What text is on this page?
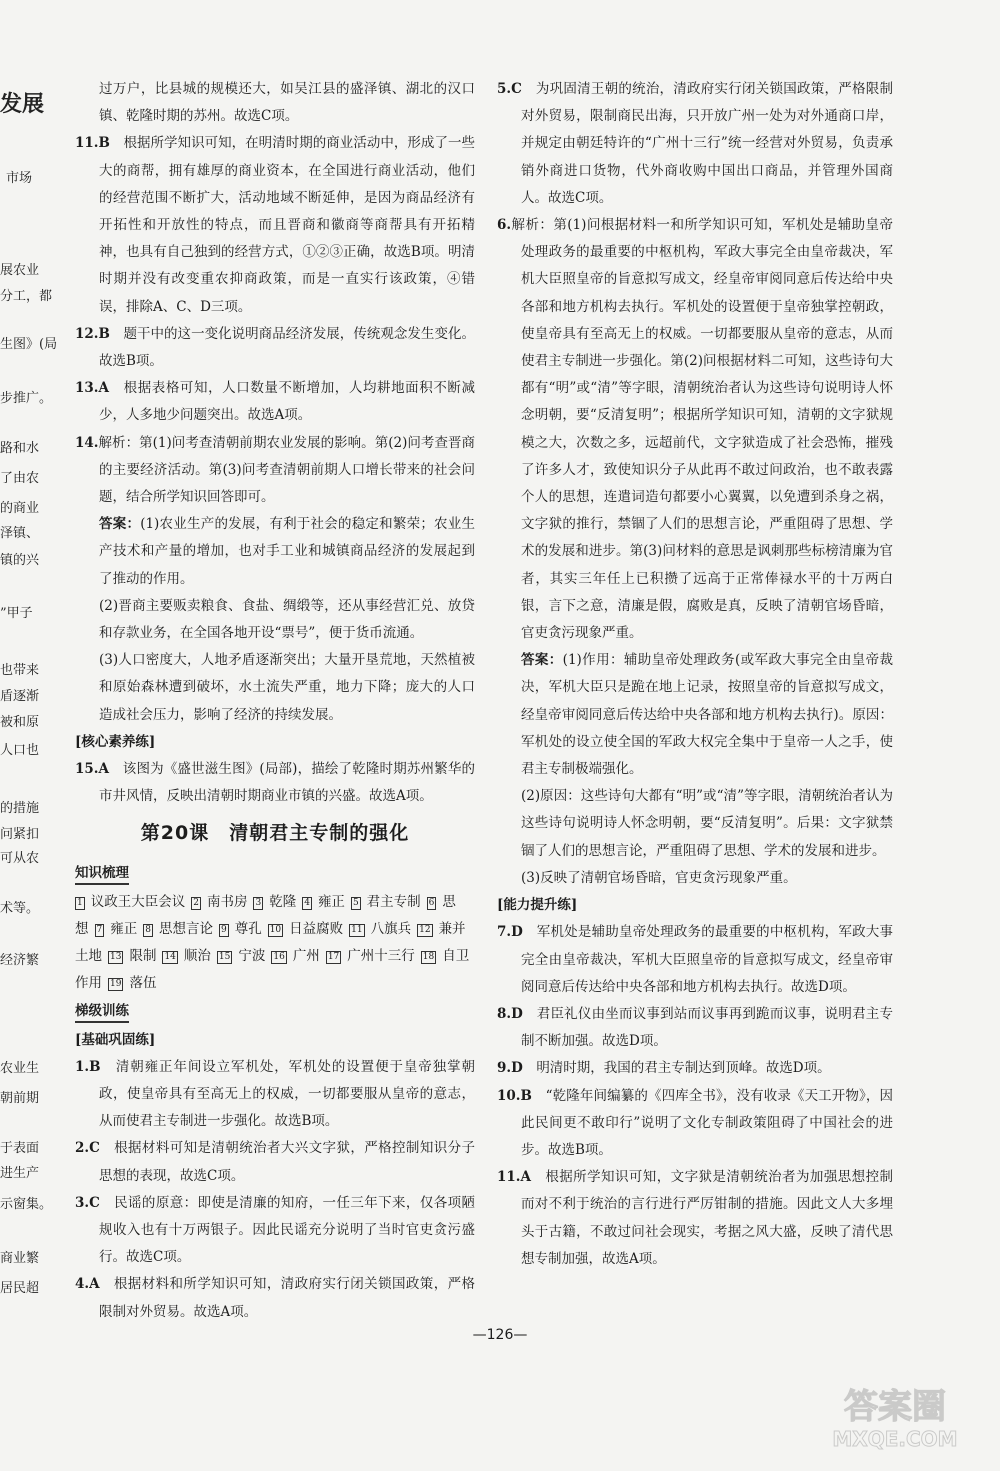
发展
市场
展农业
分工，都
生图》(局
步推广。
路和水
了由农
的商业
泽镇、
镇的兴
”甲子
也带来
盾逐渐
被和原
人口也
的措施
问紧扣
可从农
术等。
经济繁
农业生
朝前期
于表面
进生产
示窗集。
商业繁
居民超

过万户，比县城的规模还大，如吴江县的盛泽镇、湖北的汉口镇、乾隆时期的苏州。故选C项。

11.B　 根据所学知识可知，在明清时期的商业活动中，形成了一些大的商帮，拥有雄厚的商业资本，在全国进行商业活动，他们的经营范围不断扩大，活动地域不断延伸，是因为商品经济有开拓性和开放性的特点，而且晋商和徽商等商帮具有开拓精神，也具有自己独到的经营方式，①②③正确，故选B项。明清时期并没有改变重农抑商政策，而是一直实行该政策，④错误，排除A、C、D三项。

12.B　 题干中的这一变化说明商品经济发展，传统观念发生变化。故选B项。

13.A　 根据表格可知，人口数量不断增加，人均耕地面积不断减少，人多地少问题突出。故选A项。

14.解析：第(1)问考查清朝前期农业发展的影响。第(2)问考查晋商的主要经济活动。第(3)问考查清朝前期人口增长带来的社会问题，结合所学知识回答即可。

答案：(1)农业生产的发展，有利于社会的稳定和繁荣；农业生产技术和产量的增加，也对手工业和城镇商品经济的发展起到了推动的作用。

(2)晋商主要贩卖粮食、食盐、绸缎等，还从事经营汇兑、放贷和存款业务，在全国各地开设“票号”，便于货币流通。

(3)人口密度大，人地矛盾逐渐突出；大量开垦荒地，天然植被和原始森林遭到破坏，水土流失严重，地力下降；庞大的人口造成社会压力，影响了经济的持续发展。

[核心素养练]

15.A　 该图为《盛世滋生图》(局部)，描绘了乾隆时期苏州繁华的市井风情，反映出清朝时期商业市镇的兴盛。故选A项。

第20课　清朝君主专制的强化
知识梳理

1 议政王大臣会议 2 南书房 3 乾隆 4 雍正 5 君主专制 6 思想 7 雍正 8 思想言论 9 尊孔 10 日益腐败 11 八旗兵 12 兼并土地 13 限制 14 顺治 15 宁波 16 广州 17 广州十三行 18 自卫作用 19 落伍

梯级训练
[基础巩固练]

1.B　 清朝雍正年间设立军机处，军机处的设置便于皇帝独掌朝政，使皇帝具有至高无上的权威，一切都要服从皇帝的意志，从而使君主专制进一步强化。故选B项。

2.C　 根据材料可知是清朝统治者大兴文字狱，严格控制知识分子思想的表现，故选C项。

3.C　 民谣的原意：即使是清廉的知府，一任三年下来，仅各项陋规收入也有十万两银子。因此民谣充分说明了当时官吏贪污盛行。故选C项。

4.A　 根据材料和所学知识可知，清政府实行闭关锁国政策，严格限制对外贸易。故选A项。

5.C　 为巩固清王朝的统治，清政府实行闭关锁国政策，严格限制对外贸易，限制商民出海，只开放广州一处为对外通商口岸，并规定由朝廷特许的“广州十三行”统一经营对外贸易，负责承销外商进口货物，代外商收购中国出口商品，并管理外国商人。故选C项。

6.解析：第(1)问根据材料一和所学知识可知，军机处是辅助皇帝处理政务的最重要的中枢机构，军政大事完全由皇帝裁决，军机大臣照皇帝的旨意拟写成文，经皇帝审阅同意后传达给中央各部和地方机构去执行。军机处的设置便于皇帝独掌控朝政，使皇帝具有至高无上的权威。一切都要服从皇帝的意志，从而使君主专制进一步强化。第(2)问根据材料二可知，这些诗句大都有“明”或“清”等字眼，清朝统治者认为这些诗句说明诗人怀念明朝，要“反清复明”；根据所学知识可知，清朝的文字狱规模之大，次数之多，远超前代，文字狱造成了社会恐怖，摧残了许多人才，致使知识分子从此再不敢过问政治，也不敢表露个人的思想，连遣词造句都要小心翼翼，以免遭到杀身之祸，文字狱的推行，禁锢了人们的思想言论，严重阻碍了思想、学术的发展和进步。第(3)问材料的意思是讽刺那些标榜清廉为官者，其实三年任上已积攒了远高于正常俸禄水平的十万两白银，言下之意，清廉是假，腐败是真，反映了清朝官场昏暗，官吏贪污现象严重。

答案：(1)作用：辅助皇帝处理政务(或军政大事完全由皇帝裁决，军机大臣只是跪在地上记录，按照皇帝的旨意拟写成文，经皇帝审阅同意后传达给中央各部和地方机构去执行)。原因：军机处的设立使全国的军政大权完全集中于皇帝一人之手，使君主专制极端强化。

(2)原因：这些诗句大都有“明”或“清”等字眼，清朝统治者认为这些诗句说明诗人怀念明朝，要“反清复明”。后果：文字狱禁锢了人们的思想言论，严重阻碍了思想、学术的发展和进步。

(3)反映了清朝官场昏暗，官吏贪污现象严重。

[能力提升练]

7.D　 军机处是辅助皇帝处理政务的最重要的中枢机构，军政大事完全由皇帝裁决，军机大臣照皇帝的旨意拟写成文，经皇帝审阅同意后传达给中央各部和地方机构去执行。故选D项。

8.D　 君臣礼仪由坐而议事到站而议事再到跪而议事，说明君主专制不断加强。故选D项。

9.D　 明清时期，我国的君主专制达到顶峰。故选D项。

10.B　 “乾隆年间编纂的《四库全书》，没有收录《天工开物》，因此民间更不敢印行”说明了文化专制政策阻碍了中国社会的进步。故选B项。

11.A　 根据所学知识可知，文字狱是清朝统治者为加强思想控制而对不利于统治的言行进行严厉钳制的措施。因此文人大多埋头于古籍，不敢过问社会现实，考据之风大盛，反映了清代思想专制加强，故选A项。

—126—
答案圈
MXQE.COM
